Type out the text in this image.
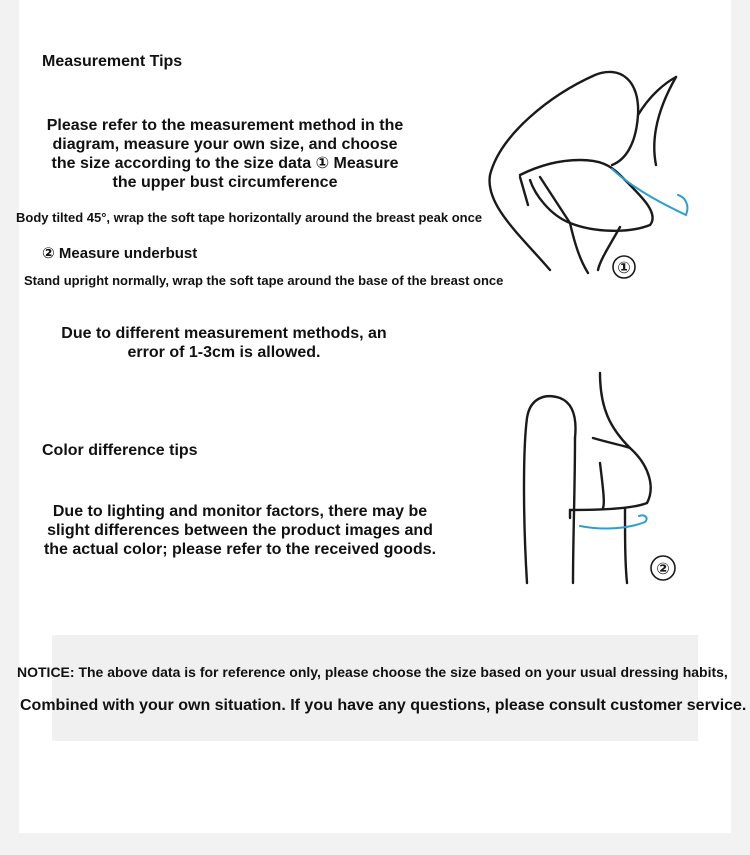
Measurement Tips
Please refer to the measurement method in the diagram, measure your own size, and choose the size according to the size data ① Measure the upper bust circumference
Body tilted 45°, wrap the soft tape horizontally around the breast peak once
② Measure underbust
Stand upright normally, wrap the soft tape around the base of the breast once
Due to different measurement methods, an error of 1-3cm is allowed.
Color difference tips
Due to lighting and monitor factors, there may be slight differences between the product images and the actual color; please refer to the received goods.
①
②
NOTICE: The above data is for reference only, please choose the size based on your usual dressing habits,
Combined with your own situation. If you have any questions, please consult customer service.
